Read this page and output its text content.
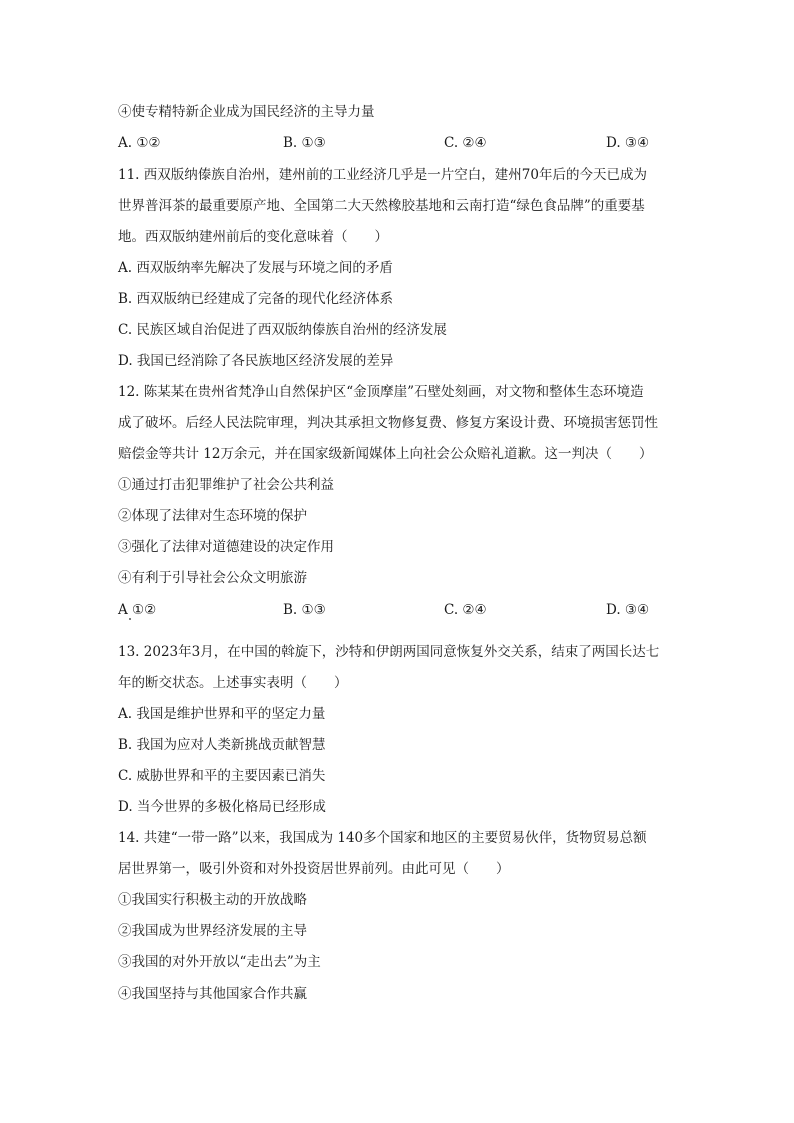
④使专精特新企业成为国民经济的主导力量
A. ①②	B. ①③	C. ②④	D. ③④
11. 西双版纳傣族自治州，建州前的工业经济几乎是一片空白，建州70年后的今天已成为
世界普洱茶的最重要原产地、全国第二大天然橡胶基地和云南打造“绿色食品牌”的重要基
地。西双版纳建州前后的变化意味着（　　）
A. 西双版纳率先解决了发展与环境之间的矛盾
B. 西双版纳已经建成了完备的现代化经济体系
C. 民族区域自治促进了西双版纳傣族自治州的经济发展
D. 我国已经消除了各民族地区经济发展的差异
12. 陈某某在贵州省梵净山自然保护区“金顶摩崖”石壁处刻画，对文物和整体生态环境造
成了破坏。后经人民法院审理，判决其承担文物修复费、修复方案设计费、环境损害惩罚性
赔偿金等共计 12万余元，并在国家级新闻媒体上向社会公众赔礼道歉。这一判决（　　）
①通过打击犯罪维护了社会公共利益
②体现了法律对生态环境的保护
③强化了法律对道德建设的决定作用
④有利于引导社会公众文明旅游
A ①②	B. ①③	C. ②④	D. ③④
13. 2023年3月，在中国的斡旋下，沙特和伊朗两国同意恢复外交关系，结束了两国长达七
年的断交状态。上述事实表明（　　）
A. 我国是维护世界和平的坚定力量
B. 我国为应对人类新挑战贡献智慧
C. 威胁世界和平的主要因素已消失
D. 当今世界的多极化格局已经形成
14. 共建“一带一路”以来，我国成为 140多个国家和地区的主要贸易伙伴，货物贸易总额
居世界第一，吸引外资和对外投资居世界前列。由此可见（　　）
①我国实行积极主动的开放战略
②我国成为世界经济发展的主导
③我国的对外开放以“走出去”为主
④我国坚持与其他国家合作共赢
